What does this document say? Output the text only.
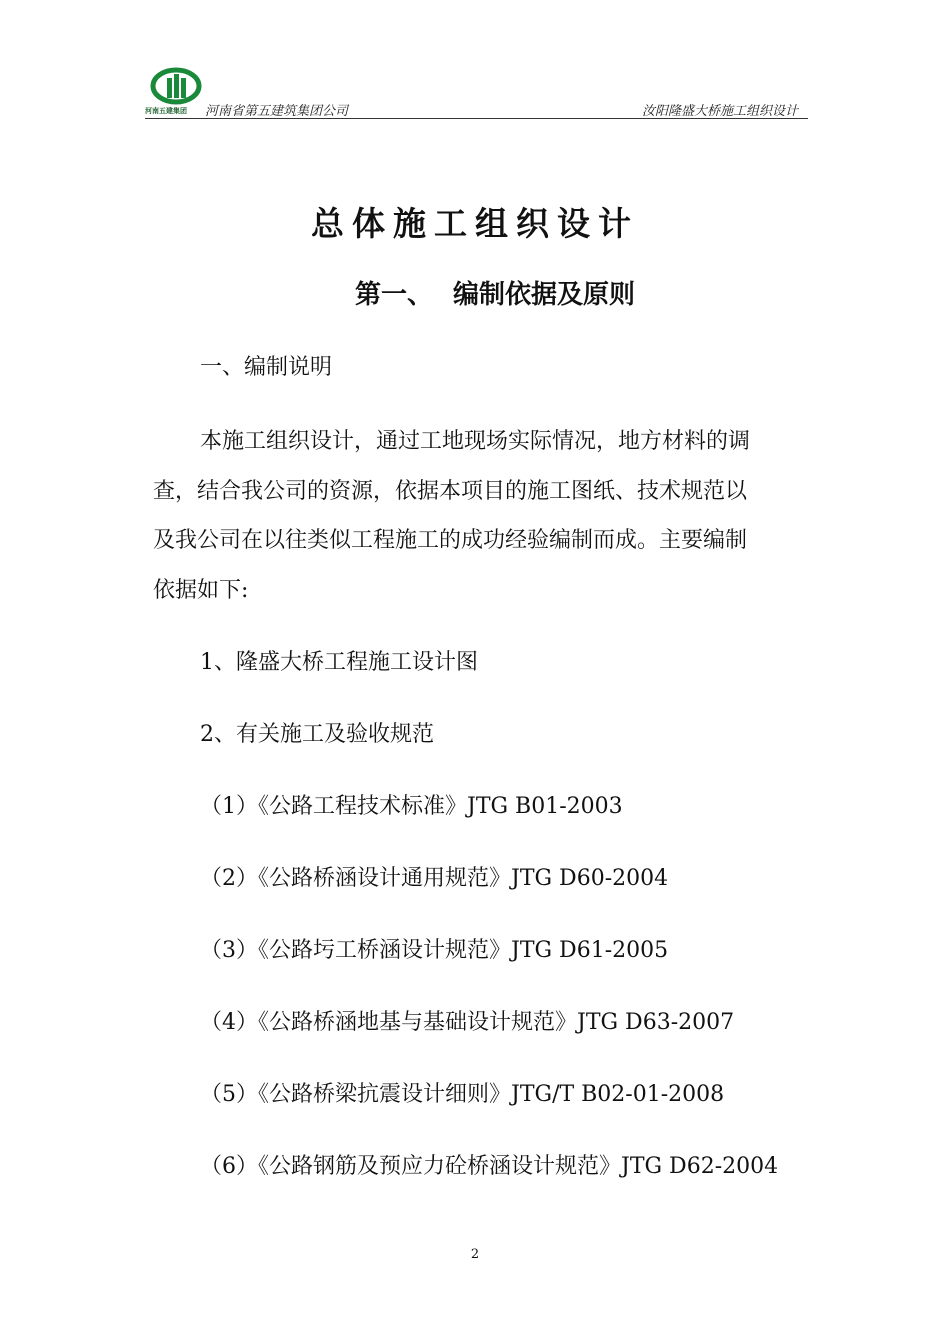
河南五建集团 河南省第五建筑集团公司	汝阳隆盛大桥施工组织设计
总体施工组织设计
第一、 编制依据及原则
一、编制说明
本施工组织设计，通过工地现场实际情况，地方材料的调
查，结合我公司的资源，依据本项目的施工图纸、技术规范以
及我公司在以往类似工程施工的成功经验编制而成。主要编制
依据如下:
1、隆盛大桥工程施工设计图
2、有关施工及验收规范
（1）《公路工程技术标准》JTG B01-2003
（2）《公路桥涵设计通用规范》JTG D60-2004
（3）《公路圬工桥涵设计规范》JTG D61-2005
（4）《公路桥涵地基与基础设计规范》JTG D63-2007
（5）《公路桥梁抗震设计细则》JTG/T B02-01-2008
（6）《公路钢筋及预应力砼桥涵设计规范》JTG D62-2004
2
